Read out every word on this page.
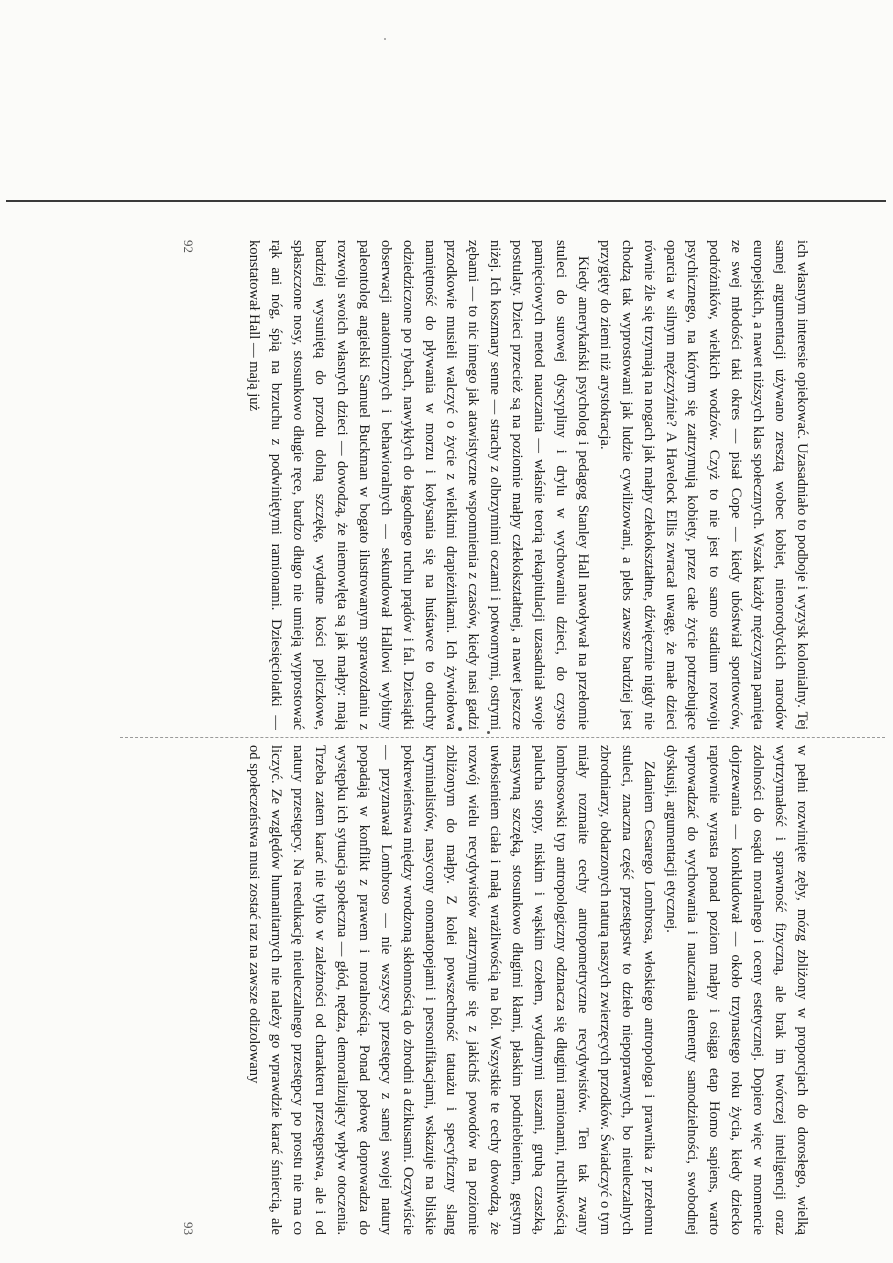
ich własnym interesie opiekować. Uzasadniało to podboje i wyzysk kolonialny. Tej samej argumentacji używano zresztą wobec kobiet, nienorodyckich narodów europejskich, a nawet niższych klas społecznych. Wszak każdy mężczyzna pamięta ze swej młodości taki okres — pisał Cope — kiedy ubóstwiał sportowców, podróżników, wielkich wodzów. Czyż to nie jest to samo stadium rozwoju psychicznego, na którym się zatrzymują kobiety, przez całe życie potrzebujące oparcia w silnym mężczyźnie? A Havelock Ellis zwracał uwagę, że małe dzieci równie źle się trzymają na nogach jak małpy człekokształtne, dźwięcznie nigdy nie chodzą tak wyprostowani jak ludzie cywilizowani, a plebs zawsze bardziej jest przygięty do ziemi niż arystokracja.

Kiedy amerykański psycholog i pedagog Stanley Hall nawoływał na przełomie stuleci do surowej dyscypliny i drylu w wychowaniu dzieci, do czysto pamięciowych metod nauczania — właśnie teorią rekapitulacji uzasadniał swoje postulaty. Dzieci przecież są na poziomie małpy człekokształtnej, a nawet jeszcze niżej. Ich koszmary senne — strachy z olbrzymimi oczami i potwornymi, ostrymi zębami — to nic innego jak atawistyczne wspomnienia z czasów, kiedy nasi gadzi przodkowie musieli walczyć o życie z wielkimi drapieżnikami. Ich żywiołowa namiętność do pływania w morzu i kołysania się na huśtawce to odruchy odziedziczone po rybach, nawykłych do łagodnego ruchu prądów i fal. Dziesiątki obserwacji anatomicznych i behawioralnych — sekundował Hallowi wybitny paleontolog angielski Samuel Buckman w bogato ilustrowanym sprawozdaniu z rozwoju swoich własnych dzieci — dowodzą, że niemowlęta są jak małpy: mają bardziej wysuniętą do przodu dolną szczękę, wydatne kości policzkowe, spłaszczone nosy, stosunkowo długie ręce, bardzo długo nie umieją wyprostować rąk ani nóg, śpią na brzuchu z podwiniętymi ramionami. Dziesięciolatki — konstatował Hall — mają już

92

w pełni rozwinięte zęby, mózg zbliżony w proporcjach do dorosłego, wielką wytrzymałość i sprawność fizyczną, ale brak im twórczej inteligencji oraz zdolności do osądu moralnego i oceny estetycznej. Dopiero więc w momencie dojrzewania — konkludował — około trzynastego roku życia, kiedy dziecko raptownie wyrasta ponad poziom małpy i osiąga etap Homo sapiens, warto wprowadzać do wychowania i nauczania elementy samodzielności, swobodnej dyskusji, argumentacji etycznej.

Zdaniem Cesarego Lombrosa, włoskiego antropologa i prawnika z przełomu stuleci, znaczna część przestępstw to dzieło niepoprawnych, bo nieuleczalnych zbrodniarzy, obdarzonych naturą naszych zwierzęcych przodków. Świadczyć o tym miały rozmaite cechy antropometryczne recydywistów. Ten tak zwany lombrosowski typ antropologiczny odznacza się długimi ramionami, ruchliwością palucha stopy, niskim i wąskim czołem, wydatnymi uszami, grubą czaszką, masywną szczęką, stosunkowo długimi kłami, płaskim podniebieniem, gęstym uwłosieniem ciała i małą wrażliwością na ból. Wszystkie te cechy dowodzą, że rozwój wielu recydywistów zatrzymuje się z jakichś powodów na poziomie zbliżonym do małpy. Z kolei powszechność tatuażu i specyficzny slang kryminalistów, nasycony onomatopejami i personifikacjami, wskazuje na bliskie pokrewieństwa między wrodzoną skłonnością do zbrodni a dzikusami. Oczywiście — przyznawał Lombroso — nie wszyscy przestępcy z samej swojej natury popadają w konflikt z prawem i moralnością. Ponad połowę doprowadza do występku ich sytuacja społeczna — głód, nędza, demoralizujący wpływ otoczenia. Trzeba zatem karać nie tylko w zależności od charakteru przestępstwa, ale i od natury przestępcy. Na reedukację nieuleczalnego przestępcy po prostu nie ma co liczyć. Ze względów humanitarnych nie należy go wprawdzie karać śmiercią, ale od społeczeństwa musi zostać raz na zawsze odizolowany

93
